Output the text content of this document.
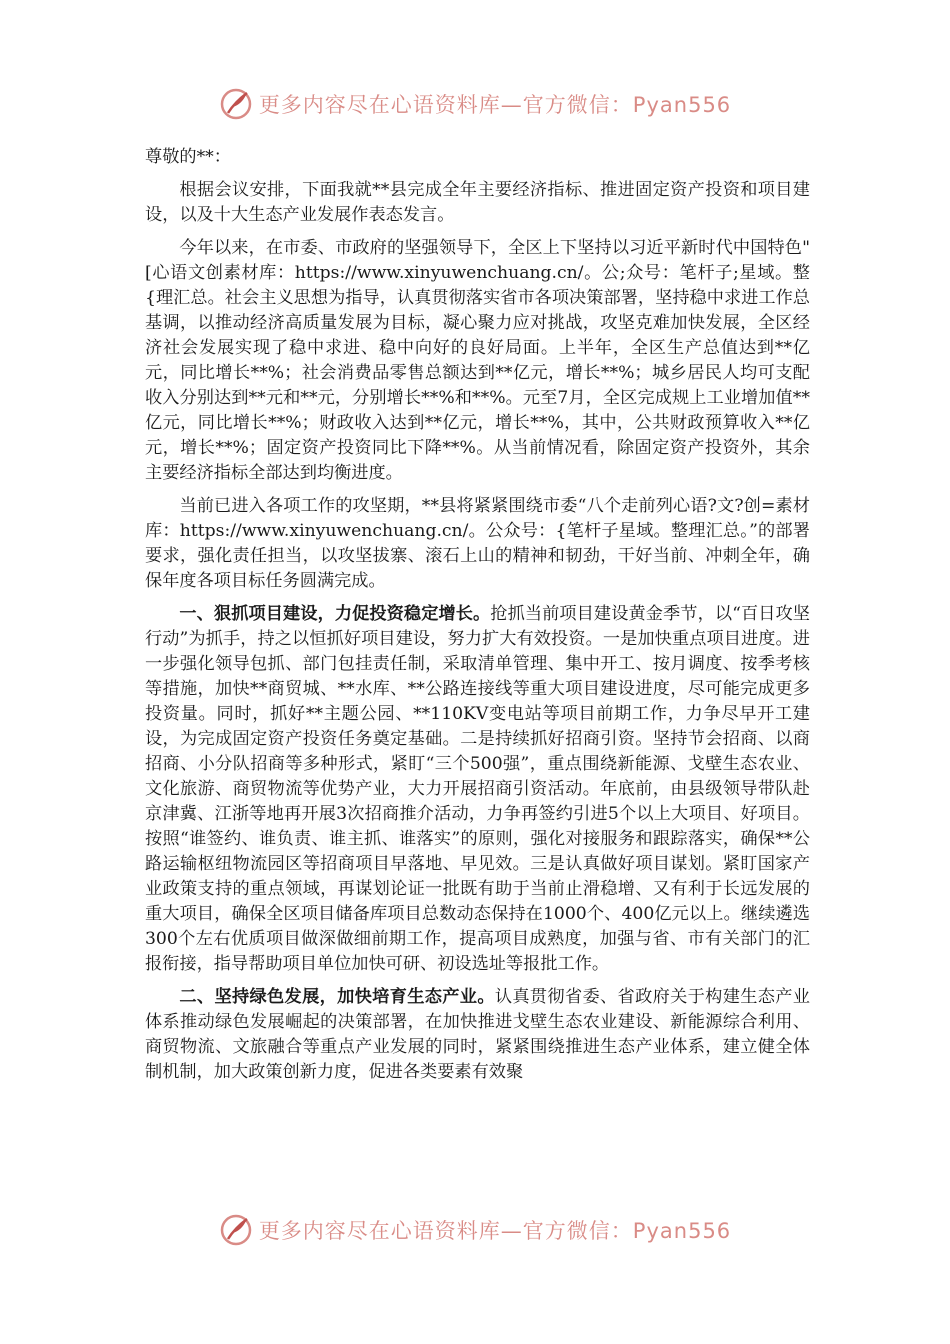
更多内容尽在心语资料库—官方微信：Pyan556

尊敬的**：

根据会议安排，下面我就**县完成全年主要经济指标、推进固定资产投资和项目建设，以及十大生态产业发展作表态发言。

今年以来，在市委、市政府的坚强领导下，全区上下坚持以习近平新时代中国特色"[心语文创素材库：https://www.xinyuwenchuang.cn/。公;众号：笔杆子;星域。整{理汇总。社会主义思想为指导，认真贯彻落实省市各项决策部署，坚持稳中求进工作总基调，以推动经济高质量发展为目标，凝心聚力应对挑战，攻坚克难加快发展，全区经济社会发展实现了稳中求进、稳中向好的良好局面。上半年，全区生产总值达到**亿元，同比增长**%；社会消费品零售总额达到**亿元，增长**%；城乡居民人均可支配收入分别达到**元和**元，分别增长**%和**%。元至7月，全区完成规上工业增加值**亿元，同比增长**%；财政收入达到**亿元，增长**%，其中，公共财政预算收入**亿元，增长**%；固定资产投资同比下降**%。从当前情况看，除固定资产投资外，其余主要经济指标全部达到均衡进度。

当前已进入各项工作的攻坚期，**县将紧紧围绕市委“八个走前列心语?文?创=素材库：https://www.xinyuwenchuang.cn/。公众号：{笔杆子星域。整理汇总。”的部署要求，强化责任担当，以攻坚拔寨、滚石上山的精神和韧劲，干好当前、冲刺全年，确保年度各项目标任务圆满完成。

一、狠抓项目建设，力促投资稳定增长。抢抓当前项目建设黄金季节，以“百日攻坚行动”为抓手，持之以恒抓好项目建设，努力扩大有效投资。一是加快重点项目进度。进一步强化领导包抓、部门包挂责任制，采取清单管理、集中开工、按月调度、按季考核等措施，加快**商贸城、**水库、**公路连接线等重大项目建设进度，尽可能完成更多投资量。同时，抓好**主题公园、**110KV变电站等项目前期工作，力争尽早开工建设，为完成固定资产投资任务奠定基础。二是持续抓好招商引资。坚持节会招商、以商招商、小分队招商等多种形式，紧盯“三个500强”，重点围绕新能源、戈壁生态农业、文化旅游、商贸物流等优势产业，大力开展招商引资活动。年底前，由县级领导带队赴京津冀、江浙等地再开展3次招商推介活动，力争再签约引进5个以上大项目、好项目。按照“谁签约、谁负责、谁主抓、谁落实”的原则，强化对接服务和跟踪落实，确保**公路运输枢纽物流园区等招商项目早落地、早见效。三是认真做好项目谋划。紧盯国家产业政策支持的重点领域，再谋划论证一批既有助于当前止滑稳增、又有利于长远发展的重大项目，确保全区项目储备库项目总数动态保持在1000个、400亿元以上。继续遴选300个左右优质项目做深做细前期工作，提高项目成熟度，加强与省、市有关部门的汇报衔接，指导帮助项目单位加快可研、初设选址等报批工作。

二、坚持绿色发展，加快培育生态产业。认真贯彻省委、省政府关于构建生态产业体系推动绿色发展崛起的决策部署，在加快推进戈壁生态农业建设、新能源综合利用、商贸物流、文旅融合等重点产业发展的同时，紧紧围绕推进生态产业体系，建立健全体制机制，加大政策创新力度，促进各类要素有效聚

更多内容尽在心语资料库—官方微信：Pyan556
